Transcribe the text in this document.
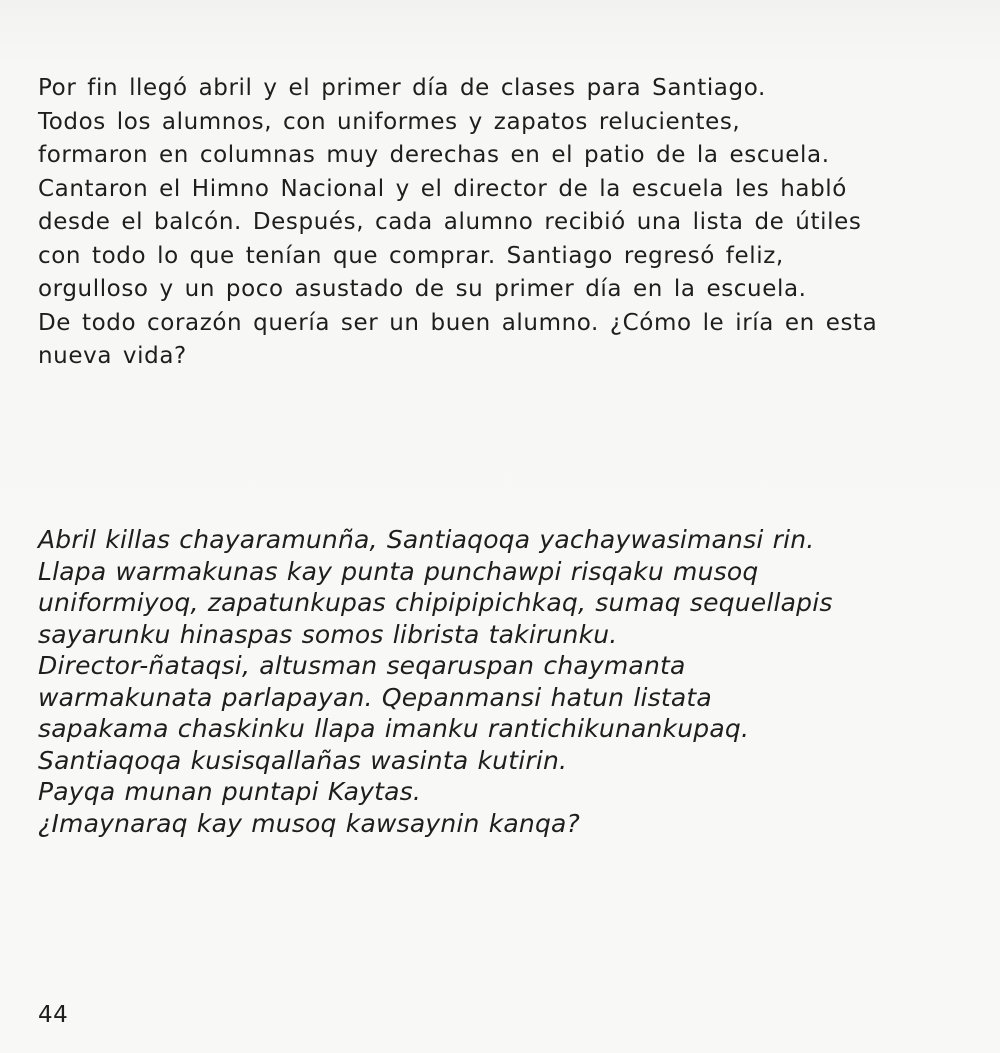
Por fin llegó abril y el primer día de clases para Santiago.
Todos los alumnos, con uniformes y zapatos relucientes,
formaron en columnas muy derechas en el patio de la escuela.
Cantaron el Himno Nacional y el director de la escuela les habló
desde el balcón. Después, cada alumno recibió una lista de útiles
con todo lo que tenían que comprar. Santiago regresó feliz,
orgulloso y un poco asustado de su primer día en la escuela.
De todo corazón quería ser un buen alumno. ¿Cómo le iría en esta
nueva vida?

Abril killas chayaramunña, Santiaqoqa yachaywasimansi rin.
Llapa warmakunas kay punta punchawpi risqaku musoq
uniformiyoq, zapatunkupas chipipipichkaq, sumaq sequellapis
sayarunku hinaspas somos librista takirunku.
Director-ñataqsi, altusman seqaruspan chaymanta
warmakunata parlapayan. Qepanmansi hatun listata
sapakama chaskinku llapa imanku rantichikunankupaq.
Santiaqoqa kusisqallañas wasinta kutirin.
Payqa munan puntapi Kaytas.
¿Imaynaraq kay musoq kawsaynin kanqa?

44
